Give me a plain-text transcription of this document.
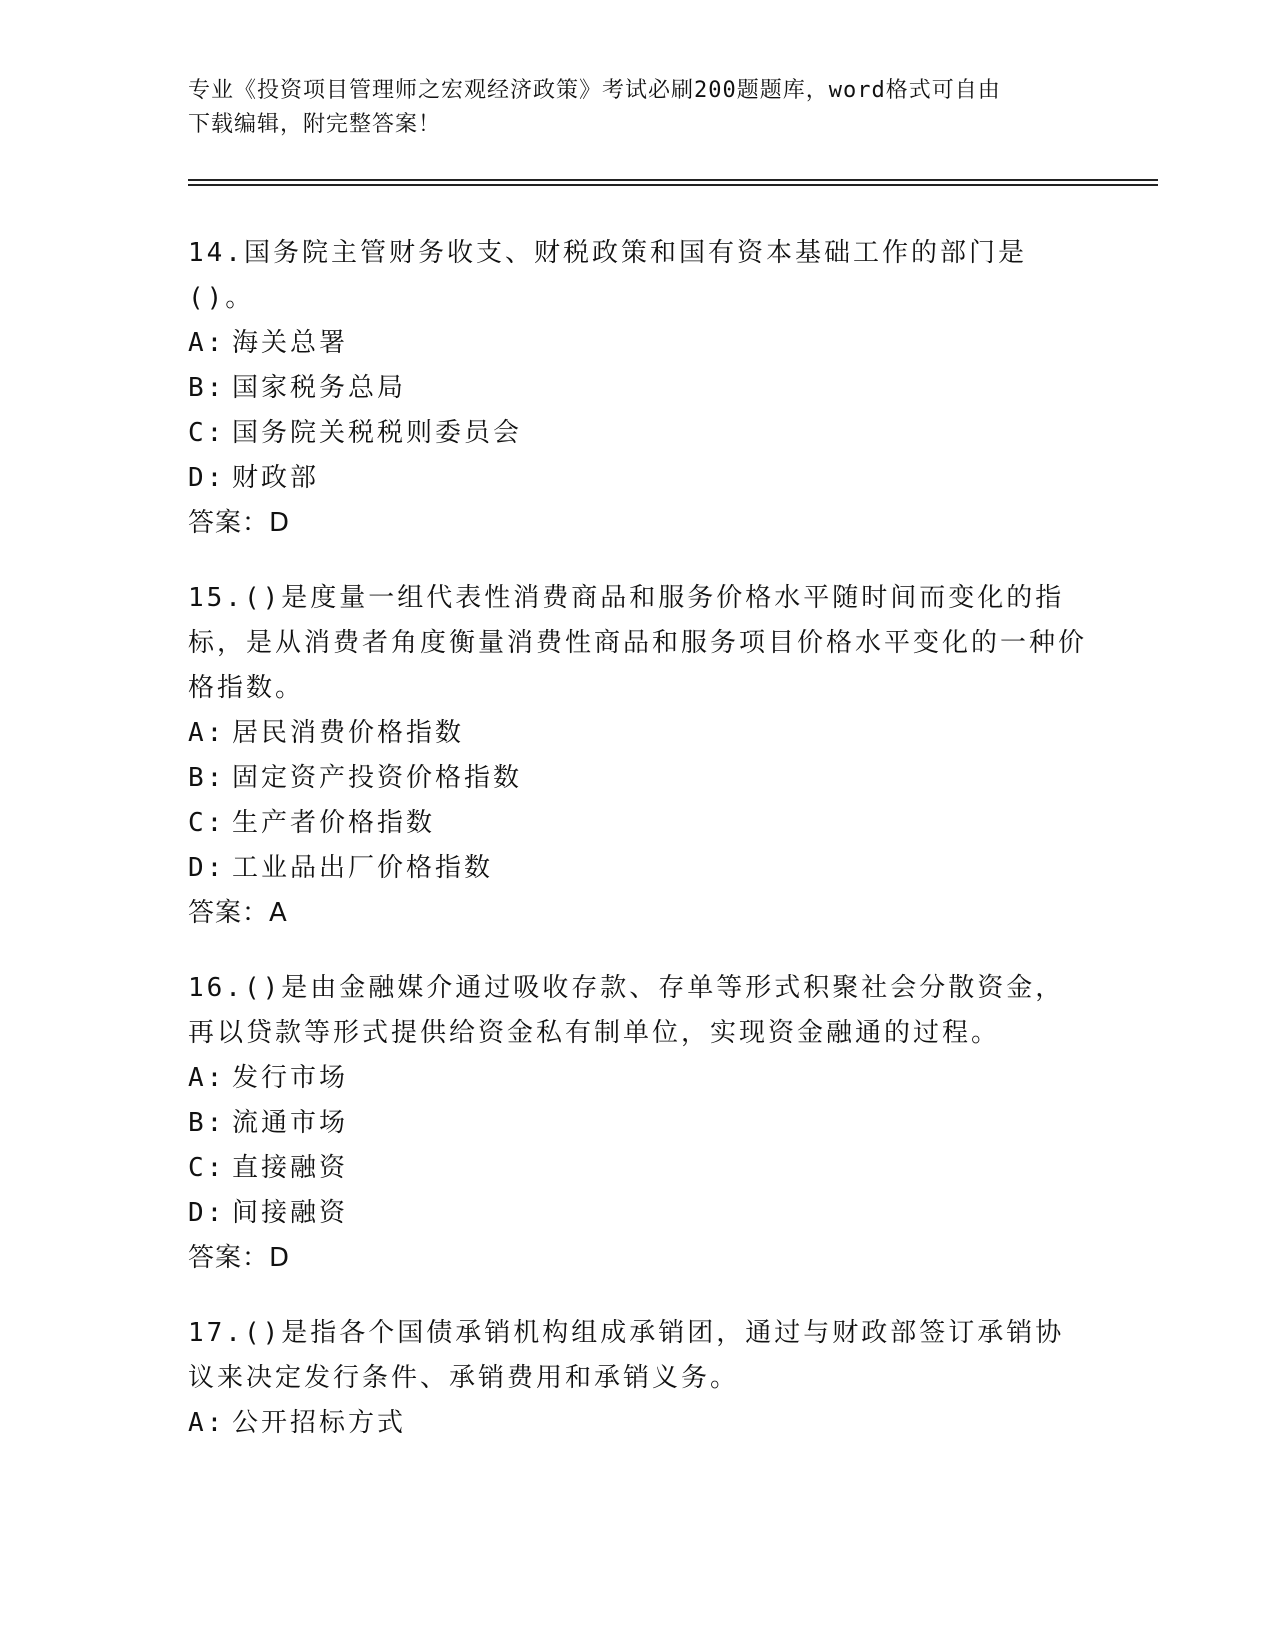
专业《投资项目管理师之宏观经济政策》考试必刷200题题库，word格式可自由
下载编辑，附完整答案！

14.国务院主管财务收支、财税政策和国有资本基础工作的部门是()。

A: 海关总署
B: 国家税务总局
C: 国务院关税税则委员会
D: 财政部
答案：D

15.()是度量一组代表性消费商品和服务价格水平随时间而变化的指标，是从消费者角度衡量消费性商品和服务项目价格水平变化的一种价格指数。

A: 居民消费价格指数
B: 固定资产投资价格指数
C: 生产者价格指数
D: 工业品出厂价格指数
答案：A

16.()是由金融媒介通过吸收存款、存单等形式积聚社会分散资金，再以贷款等形式提供给资金私有制单位，实现资金融通的过程。

A: 发行市场
B: 流通市场
C: 直接融资
D: 间接融资
答案：D

17.()是指各个国债承销机构组成承销团，通过与财政部签订承销协议来决定发行条件、承销费用和承销义务。

A: 公开招标方式
